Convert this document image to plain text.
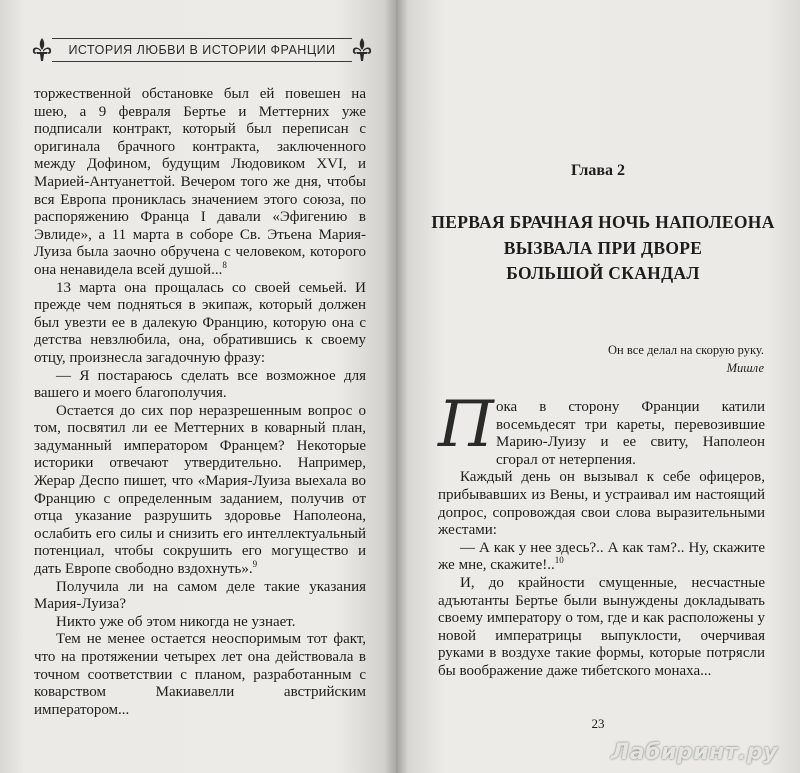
ИСТОРИЯ ЛЮБВИ В ИСТОРИИ ФРАНЦИИ

торжественной обстановке был ей повешен на шею, а 9 февраля Бертье и Меттерних уже подписали контракт, который был переписан с оригинала брачного контракта, заключенного между Дофином, будущим Людовиком XVI, и Марией-Антуанеттой. Вечером того же дня, чтобы вся Европа прониклась значением этого союза, по распоряжению Франца I давали «Эфигению в Эвлиде», а 11 марта в соборе Св. Этьена Мария-Луиза была заочно обручена с человеком, которого она ненавидела всей душой...$^8$

13 марта она прощалась со своей семьей. И прежде чем подняться в экипаж, который должен был увезти ее в далекую Францию, которую она с детства невзлюбила, она, обратившись к своему отцу, произнесла загадочную фразу:

— Я постараюсь сделать все возможное для вашего и моего благополучия.

Остается до сих пор неразрешенным вопрос о том, посвятил ли ее Меттерних в коварный план, задуманный императором Францем? Некоторые историки отвечают утвердительно. Например, Жерар Деспо пишет, что «Мария-Луиза выехала во Францию с определенным заданием, получив от отца указание разрушить здоровье Наполеона, ослабить его силы и снизить его интеллектуальный потенциал, чтобы сокрушить его могущество и дать Европе свободно вздохнуть».$^9$

Получила ли на самом деле такие указания Мария-Луиза?

Никто уже об этом никогда не узнает.

Тем не менее остается неоспоримым тот факт, что на протяжении четырех лет она действовала в точном соответствии с планом, разработанным с коварством Макиавелли австрийским императором...

Глава 2
ПЕРВАЯ БРАЧНАЯ НОЧЬ НАПОЛЕОНА
ВЫЗВАЛА ПРИ ДВОРЕ
БОЛЬШОЙ СКАНДАЛ
Он все делал на скорую руку.
Мишле

П ока в сторону Франции катили восемьдесят три кареты, перевозившие Марию-Луизу и ее свиту, Наполеон сгорал от нетерпения.

Каждый день он вызывал к себе офицеров, прибывавших из Вены, и устраивал им настоящий допрос, сопровождая свои слова выразительными жестами:

— А как у нее здесь?.. А как там?.. Ну, скажите же мне, скажите!..$^{10}$

И, до крайности смущенные, несчастные адъютанты Бертье были вынуждены докладывать своему императору о том, где и как расположены у новой императрицы выпуклости, очерчивая руками в воздухе такие формы, которые потрясли бы воображение даже тибетского монаха...

23
Лабиринт.ру
